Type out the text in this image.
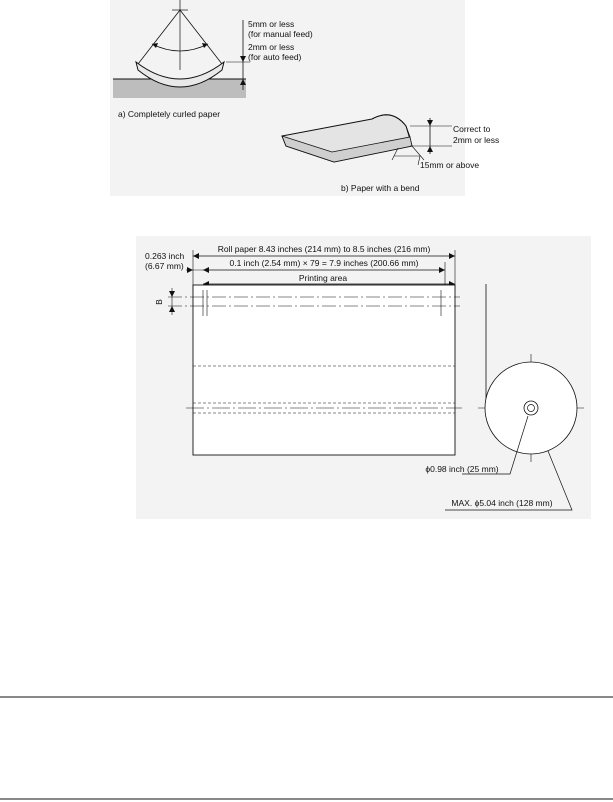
5mm or less
(for manual feed)
2mm or less
(for auto feed)
a) Completely curled paper
Correct to
2mm or less
15mm or above
b) Paper with a bend
Roll paper 8.43 inches (214 mm) to 8.5 inches (216 mm)
0.263 inch
(6.67 mm)	0.1 inch (2.54 mm) × 79 = 7.9 inches (200.66 mm)
Printing area
B
ϕ0.98 inch (25 mm)
MAX. ϕ5.04 inch (128 mm)
